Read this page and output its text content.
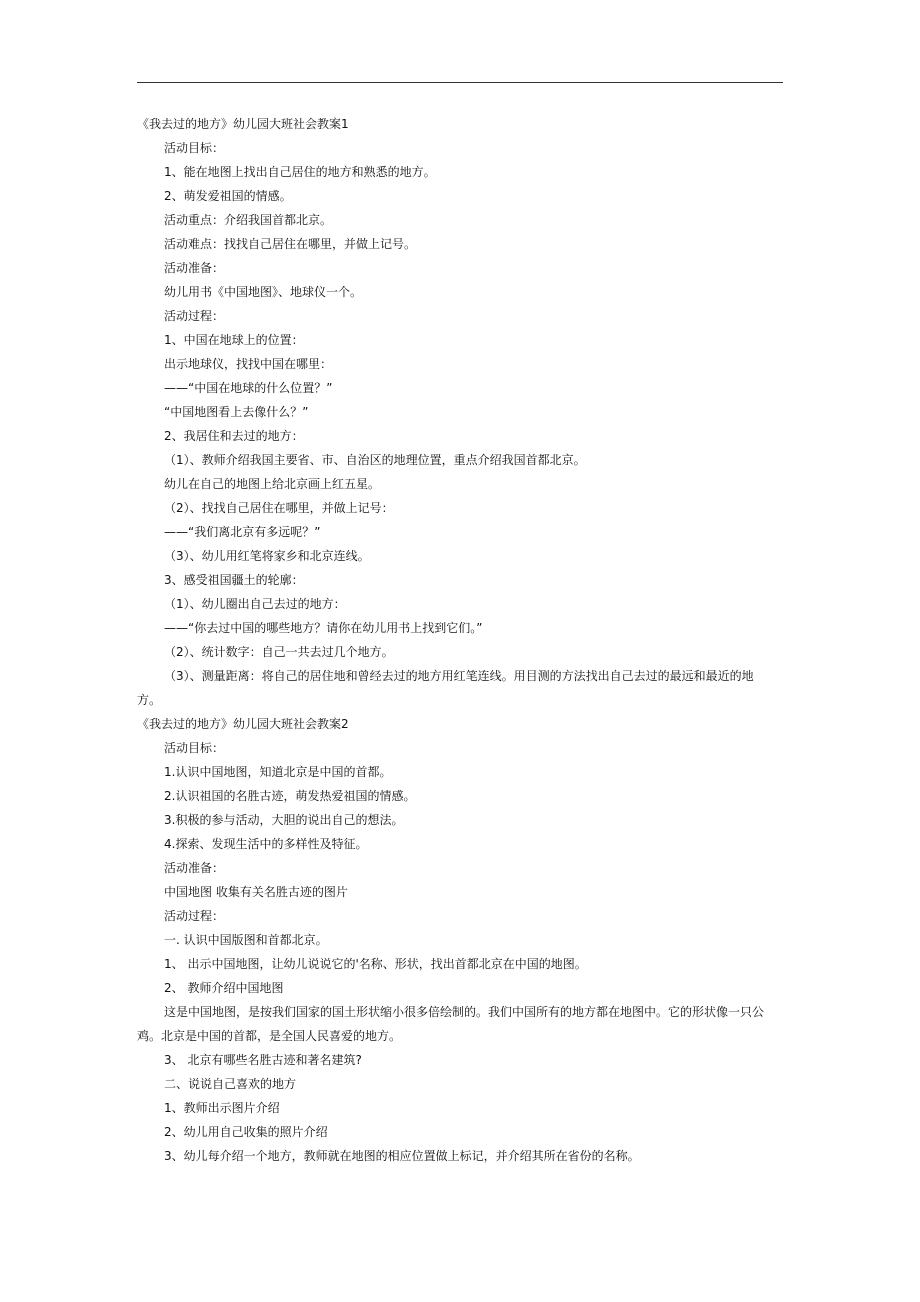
《我去过的地方》幼儿园大班社会教案1
活动目标：
1、能在地图上找出自己居住的地方和熟悉的地方。
2、萌发爱祖国的情感。
活动重点：介绍我国首都北京。
活动难点：找找自己居住在哪里，并做上记号。
活动准备：
幼儿用书《中国地图》、地球仪一个。
活动过程：
1、中国在地球上的位置：
出示地球仪，找找中国在哪里：
——“中国在地球的什么位置？”
“中国地图看上去像什么？”
2、我居住和去过的地方：
（1）、教师介绍我国主要省、市、自治区的地理位置，重点介绍我国首都北京。
幼儿在自己的地图上给北京画上红五星。
（2）、找找自己居住在哪里，并做上记号：
——“我们离北京有多远呢？”
（3）、幼儿用红笔将家乡和北京连线。
3、感受祖国疆土的轮廓：
（1）、幼儿圈出自己去过的地方：
——“你去过中国的哪些地方？请你在幼儿用书上找到它们。”
（2）、统计数字：自己一共去过几个地方。
（3）、测量距离：将自己的居住地和曾经去过的地方用红笔连线。用目测的方法找出自己去过的最远和最近的地
方。
《我去过的地方》幼儿园大班社会教案2
活动目标：
1.认识中国地图，知道北京是中国的首都。
2.认识祖国的名胜古迹，萌发热爱祖国的情感。
3.积极的参与活动，大胆的说出自己的想法。
4.探索、发现生活中的多样性及特征。
活动准备：
中国地图 收集有关名胜古迹的图片
活动过程：
一. 认识中国版图和首都北京。
1、 出示中国地图，让幼儿说说它的'名称、形状，找出首都北京在中国的地图。
2、 教师介绍中国地图
这是中国地图，是按我们国家的国土形状缩小很多倍绘制的。我们中国所有的地方都在地图中。它的形状像一只公
鸡。北京是中国的首都，是全国人民喜爱的地方。
3、 北京有哪些名胜古迹和著名建筑?
二、说说自己喜欢的地方
1、教师出示图片介绍
2、幼儿用自己收集的照片介绍
3、幼儿每介绍一个地方，教师就在地图的相应位置做上标记，并介绍其所在省份的名称。
